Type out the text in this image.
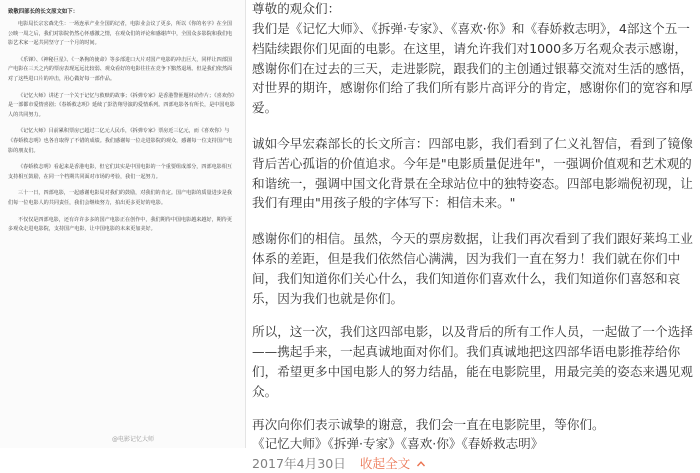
致敬四部长的长文原文如下：
电影局长宗宏森先生：一场连承产业全国的记者，电影业会议了更多，所以《你的名字》在全国公映一周之后，我们对影院仍然心怀感激之情，在观众们的评论和感谢声中，全国众多影院和我们电影艺术家一起共同坚守了一个月的时间。
《乐锋》、《神秘巨星》、《一条狗的使命》等多部进口大片对国产电影的冲击巨大，同样让四部国产电影在三天之内的票房表现远远比较弱、观众看好的电影往往在竞争下黯然退场。但是我们依然面对了这些进口片的冲击，用心做好每一部作品。
《记忆大师》讲述了一个关于记忆与救赎的故事；《拆弹专家》是香港警匪题材动作片；《喜欢你》是一部都市爱情喜剧；《春娇救志明》延续了彭浩翔导演的爱情系列。四部电影各有所长，是中国电影人的共同努力。
《记忆大师》目前累积票房已超过二亿元人民币，《拆弹专家》票房近三亿元，而《喜欢你》与《春娇救志明》也各自取得了不错的成绩。我们感谢每一位走进影院的观众，感谢每一位支持国产电影的朋友们。
《春娇救志明》看起来是香港电影，但它们其实是中国电影的一个重要组成部分，四部电影相互支持相互鼓励，在同一个档期共同面对市场的考验，我们一起努力。
三十一日，四部电影，一起感谢电影局对我们的鼓励，对我们的肯定。国产电影的质量进步是我们每一位电影人的共同责任，我们会继续努力，拍出更多更好的电影。
不仅仅是四部电影，还有许许多多的国产电影正在创作中，我们期待中国电影越来越好，期待更多观众走进电影院，支持国产电影，让中国电影的未来更加美好。
@电影记忆大师

尊敬的观众们：

我们是《记忆大师》、《拆弹·专家》、《喜欢·你》和《春娇救志明》，4部这个五一档陆续跟你们见面的电影。在这里，请允许我们对1000多万名观众表示感谢，感谢你们在过去的三天，走进影院，跟我们的主创通过银幕交流对生活的感悟，对世界的期许，感谢你们给了我们所有影片高评分的肯定，感谢你们的宽容和厚爱。

诚如今早宏森部长的长文所言：四部电影，我们看到了仁义礼智信，看到了镜像背后苦心孤诣的价值追求。今年是"电影质量促进年"，一强调价值观和艺术观的和谐统一，强调中国文化背景在全球站位中的独特姿态。四部电影端倪初现，让我们有理由"用孩子般的字体写下：相信未来。"

感谢你们的相信。虽然，今天的票房数据，让我们再次看到了我们跟好莱坞工业体系的差距，但是我们依然信心满满，因为我们一直在努力！我们就在你们中间，我们知道你们关心什么，我们知道你们喜欢什么，我们知道你们喜怒和哀乐，因为我们也就是你们。

所以，这一次，我们这四部电影，以及背后的所有工作人员，一起做了一个选择——携起手来，一起真诚地面对你们。我们真诚地把这四部华语电影推荐给你们，希望更多中国电影人的努力结晶，能在电影院里，用最完美的姿态来遇见观众。

再次向你们表示诚挚的谢意，我们会一直在电影院里，等你们。

《记忆大师》《拆弹·专家》《喜欢·你》《春娇救志明》

2017年4月30日 收起全文
